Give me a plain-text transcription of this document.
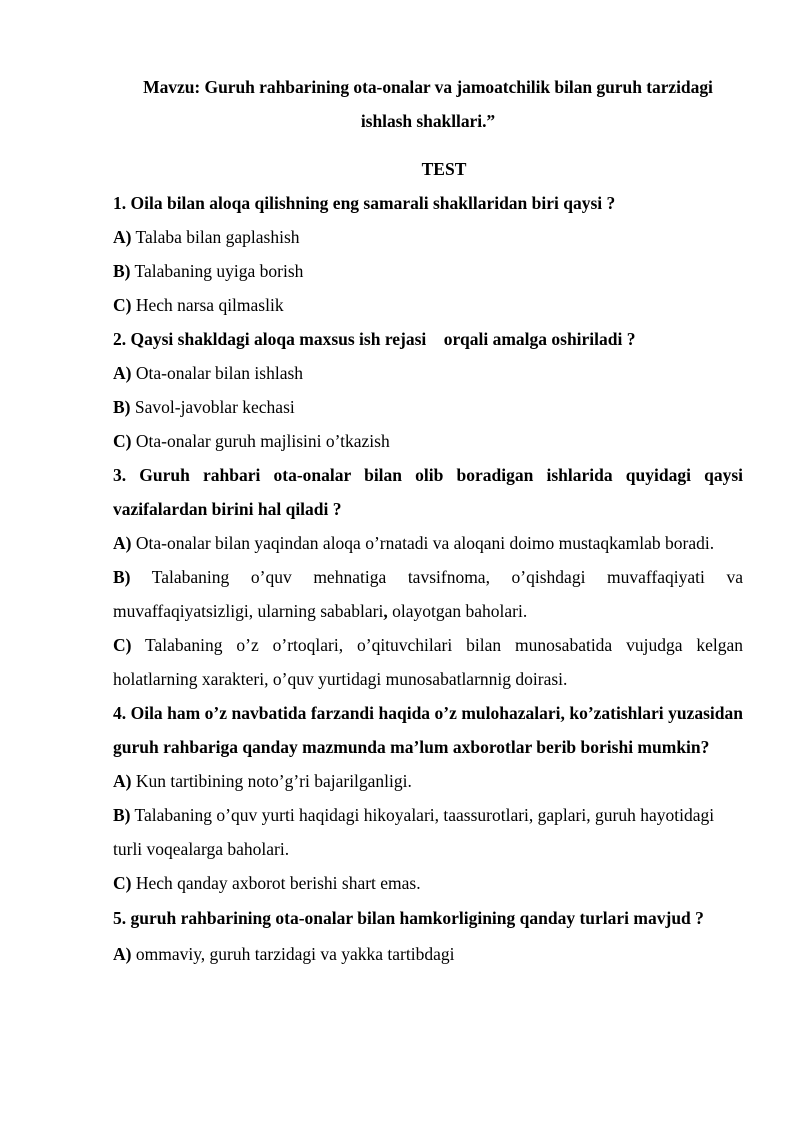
Mavzu: Guruh rahbarining ota-onalar va jamoatchilik bilan guruh tarzidagi
ishlash shakllari.”
TEST

1. Oila bilan aloqa qilishning eng samarali shakllaridan biri qaysi ?

A) Talaba bilan gaplashish

B) Talabaning uyiga borish

C) Hech narsa qilmaslik

2. Qaysi shakldagi aloqa maxsus ish rejasi    orqali amalga oshiriladi ?

A) Ota-onalar bilan ishlash

B) Savol-javoblar kechasi

C) Ota-onalar guruh majlisini o’tkazish

3. Guruh rahbari ota-onalar bilan olib boradigan ishlarida quyidagi qaysi vazifalardan birini hal qiladi ?

A) Ota-onalar bilan yaqindan aloqa o’rnatadi va aloqani doimo mustaqkamlab boradi.

B) Talabaning o’quv mehnatiga tavsifnoma, o’qishdagi muvaffaqiyati va muvaffaqiyatsizligi, ularning sabablari, olayotgan baholari.

C) Talabaning o’z o’rtoqlari, o’qituvchilari bilan munosabatida vujudga kelgan holatlarning xarakteri, o’quv yurtidagi munosabatlarnnig doirasi.

4. Oila ham o’z navbatida farzandi haqida o’z mulohazalari, ko’zatishlari yuzasidan guruh rahbariga qanday mazmunda ma’lum axborotlar berib borishi mumkin?

A) Kun tartibining noto’g’ri bajarilganligi.

B) Talabaning o’quv yurti haqidagi hikoyalari, taassurotlari, gaplari, guruh hayotidagi turli voqealarga baholari.

C) Hech qanday axborot berishi shart emas.

5. guruh rahbarining ota-onalar bilan hamkorligining qanday turlari mavjud ?

A) ommaviy, guruh tarzidagi va yakka tartibdagi
